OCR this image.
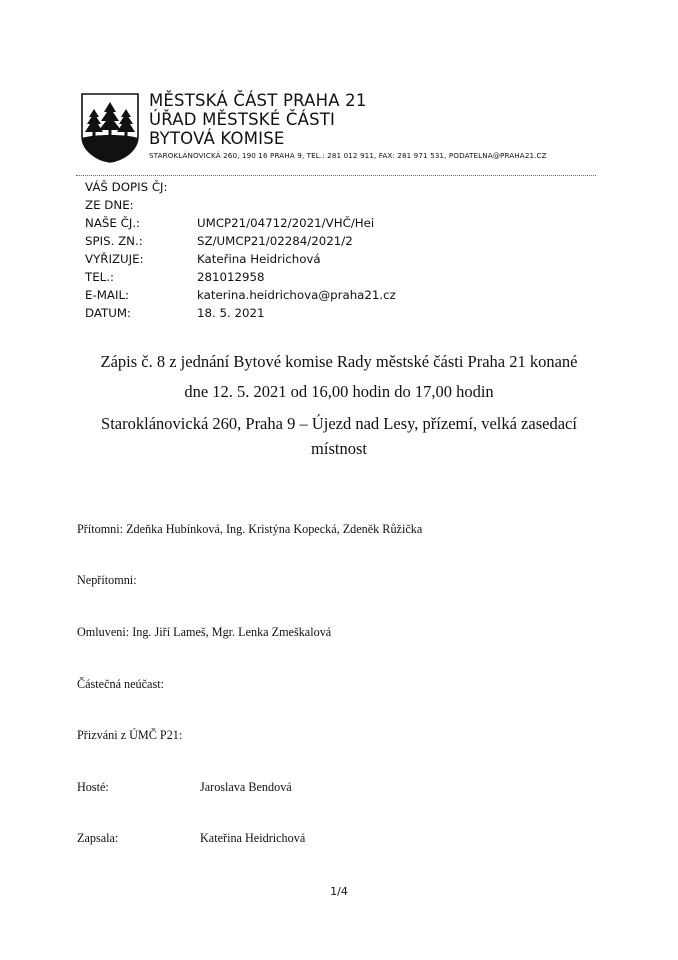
MĚSTSKÁ ČÁST PRAHA 21
ÚŘAD MĚSTSKÉ ČÁSTI
BYTOVÁ KOMISE
STAROKLÁNOVICKÁ 260, 190 16 PRAHA 9, TEL.: 281 012 911, FAX: 281 971 531, PODATELNA@PRAHA21.CZ
VÁŠ DOPIS ČJ:
ZE DNE:
NAŠE ČJ.:	UMCP21/04712/2021/VHČ/Hei
SPIS. ZN.:	SZ/UMCP21/02284/2021/2
VYŘIZUJE:	Kateřina Heidrichová
TEL.:	281012958
E-MAIL:	katerina.heidrichova@praha21.cz
DATUM:	18. 5. 2021
Zápis č. 8 z jednání Bytové komise Rady městské části Praha 21 konané
dne 12. 5. 2021 od 16,00 hodin do 17,00 hodin
Staroklánovická 260, Praha 9 – Újezd nad Lesy, přízemí, velká zasedací
místnost
Přítomni: Zdeňka Hubínková, Ing. Kristýna Kopecká, Zdeněk Růžička
Nepřítomni:
Omluveni: Ing. Jiří Lameš, Mgr. Lenka Zmeškalová
Částečná neúčast:
Přizváni z ÚMČ P21:
Hosté:	Jaroslava Bendová
Zapsala:	Kateřina Heidrichová
1/4
